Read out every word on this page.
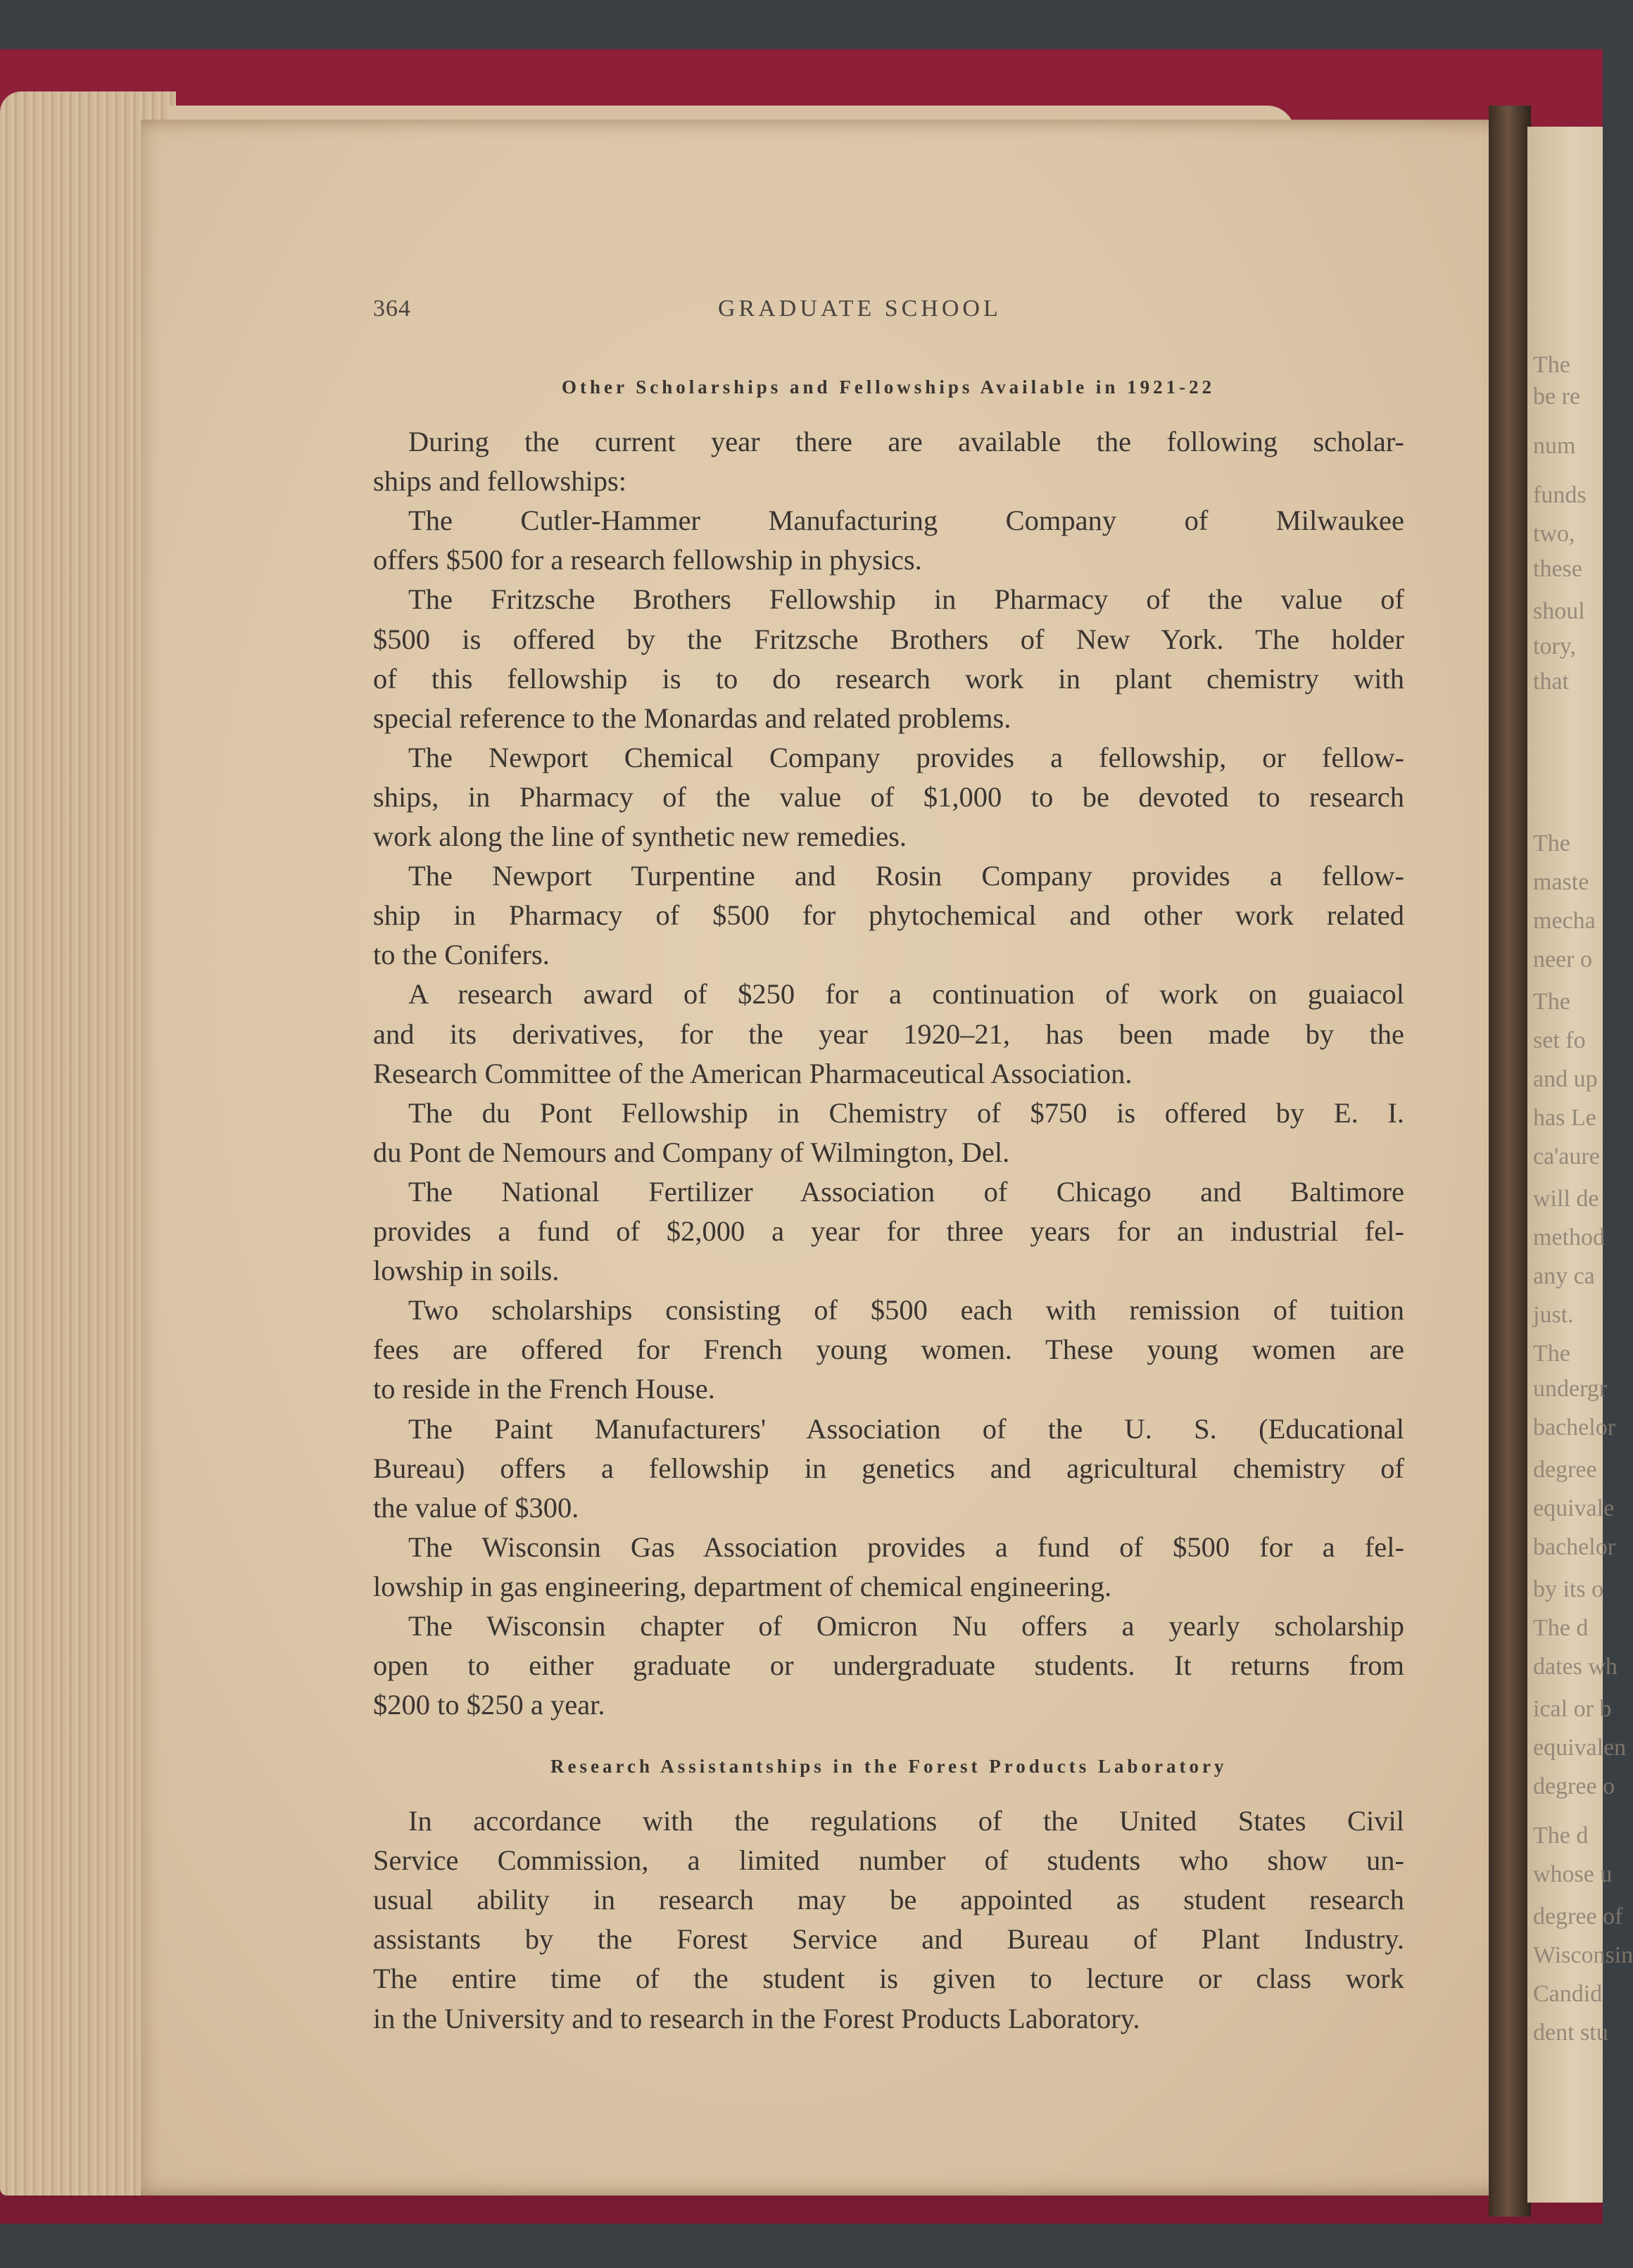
The
be re
num
funds
two,
these
shoul
tory,
that
The
maste
mecha
neer o
The
set fo
and up
has Le
ca'aure
will de
method
any ca
just.
The
undergr
bachelor
degree
equivale
bachelor
by its o
The d
dates wh
ical or b
equivalen
degree o
The d
whose u
degree of
Wisconsin
Candid
dent stu
364	GRADUATE SCHOOL
Other Scholarships and Fellowships Available in 1921-22
During the current year there are available the following scholar-
ships and fellowships:
The Cutler-Hammer Manufacturing Company of Milwaukee
offers $500 for a research fellowship in physics.
The Fritzsche Brothers Fellowship in Pharmacy of the value of
$500 is offered by the Fritzsche Brothers of New York. The holder
of this fellowship is to do research work in plant chemistry with
special reference to the Monardas and related problems.
The Newport Chemical Company provides a fellowship, or fellow-
ships, in Pharmacy of the value of $1,000 to be devoted to research
work along the line of synthetic new remedies.
The Newport Turpentine and Rosin Company provides a fellow-
ship in Pharmacy of $500 for phytochemical and other work related
to the Conifers.
A research award of $250 for a continuation of work on guaiacol
and its derivatives, for the year 1920–21, has been made by the
Research Committee of the American Pharmaceutical Association.
The du Pont Fellowship in Chemistry of $750 is offered by E. I.
du Pont de Nemours and Company of Wilmington, Del.
The National Fertilizer Association of Chicago and Baltimore
provides a fund of $2,000 a year for three years for an industrial fel-
lowship in soils.
Two scholarships consisting of $500 each with remission of tuition
fees are offered for French young women. These young women are
to reside in the French House.
The Paint Manufacturers' Association of the U. S. (Educational
Bureau) offers a fellowship in genetics and agricultural chemistry of
the value of $300.
The Wisconsin Gas Association provides a fund of $500 for a fel-
lowship in gas engineering, department of chemical engineering.
The Wisconsin chapter of Omicron Nu offers a yearly scholarship
open to either graduate or undergraduate students. It returns from
$200 to $250 a year.
Research Assistantships in the Forest Products Laboratory
In accordance with the regulations of the United States Civil
Service Commission, a limited number of students who show un-
usual ability in research may be appointed as student research
assistants by the Forest Service and Bureau of Plant Industry.
The entire time of the student is given to lecture or class work
in the University and to research in the Forest Products Laboratory.
